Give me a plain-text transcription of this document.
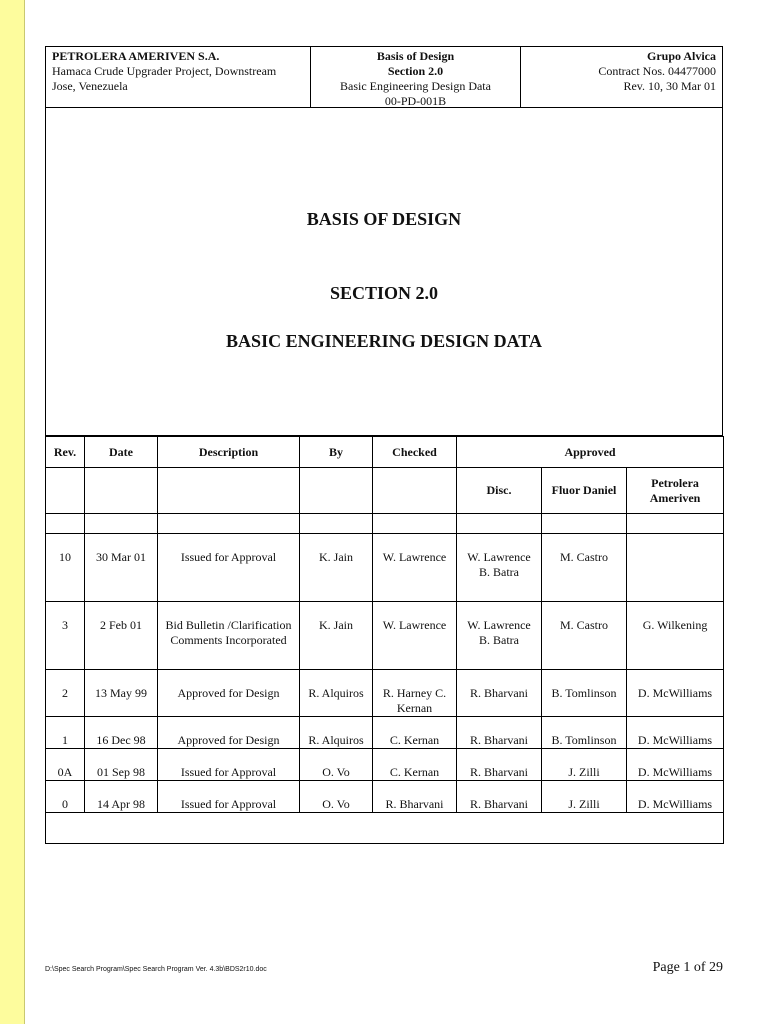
PETROLERA AMERIVEN S.A.
Hamaca Crude Upgrader Project, Downstream
Jose, Venezuela
Basis of Design
Section 2.0
Basic Engineering Design Data
00-PD-001B
Grupo Alvica
Contract Nos. 04477000
Rev. 10, 30 Mar 01
BASIS OF DESIGN
SECTION 2.0
BASIC ENGINEERING DESIGN DATA
Rev.	Date	Description	By	Checked	Approved		
					Disc.	Fluor Daniel	Petrolera Ameriven

10	30 Mar 01	Issued for Approval	K. Jain	W. Lawrence	W. Lawrence B. Batra	M. Castro	
3	2 Feb 01	Bid Bulletin /Clarification Comments Incorporated	K. Jain	W. Lawrence	W. Lawrence B. Batra	M. Castro	G. Wilkening
2	13 May 99	Approved for Design	R. Alquiros	R. Harney C. Kernan	R. Bharvani	B. Tomlinson	D. McWilliams
1	16 Dec 98	Approved for Design	R. Alquiros	C. Kernan	R. Bharvani	B. Tomlinson	D. McWilliams
0A	01 Sep 98	Issued for Approval	O. Vo	C. Kernan	R. Bharvani	J. Zilli	D. McWilliams
0	14 Apr 98	Issued for Approval	O. Vo	R. Bharvani	R. Bharvani	J. Zilli	D. McWilliams

D:\Spec Search Program\Spec Search Program Ver. 4.3b\BDS2r10.doc	Page 1 of 29
